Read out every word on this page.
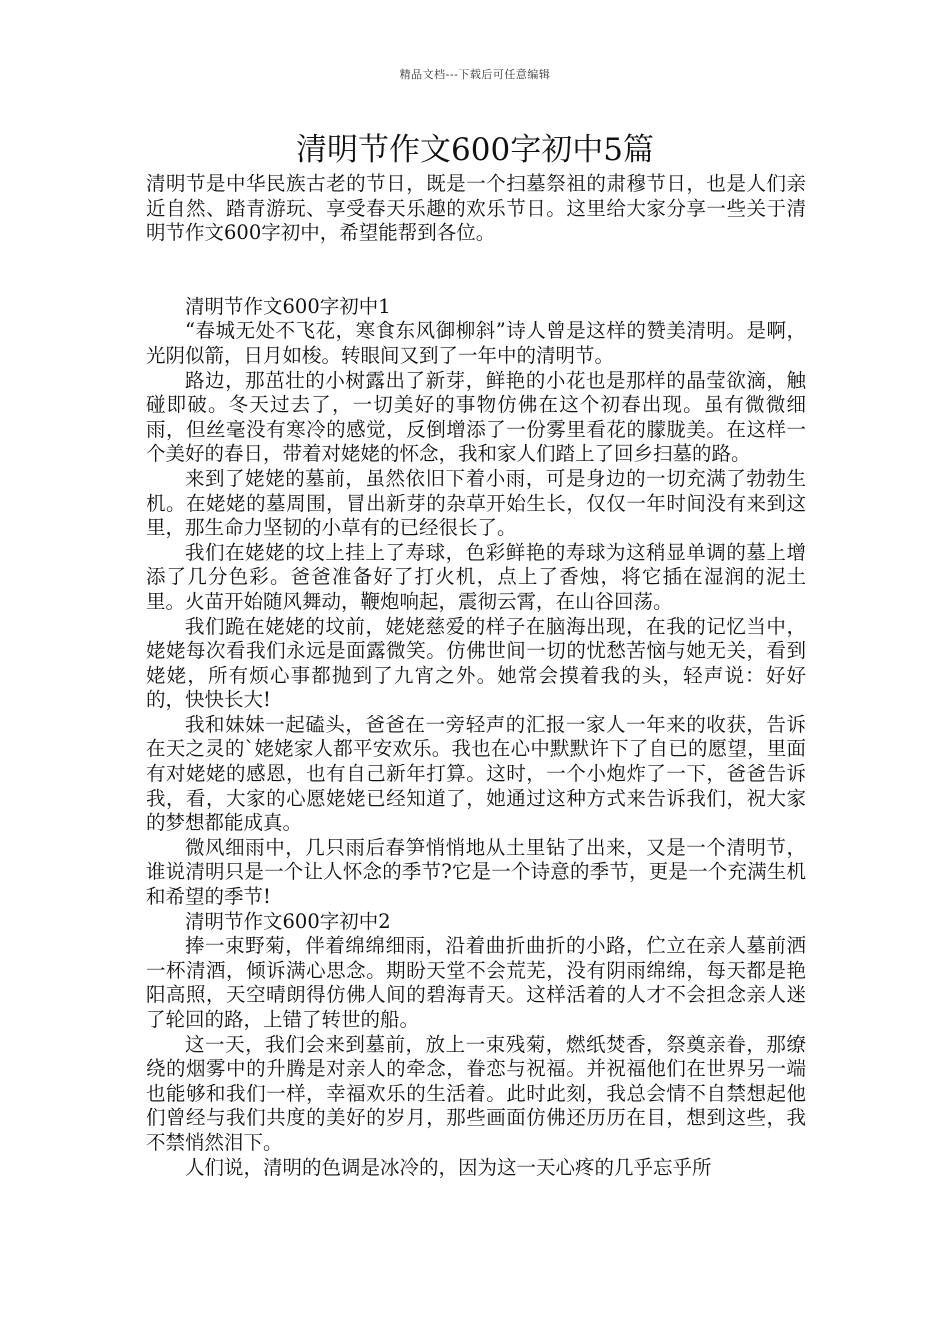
精品文档---下载后可任意编辑
清明节作文600字初中5篇

清明节是中华民族古老的节日，既是一个扫墓祭祖的肃穆节日，也是人们亲近自然、踏青游玩、享受春天乐趣的欢乐节日。这里给大家分享一些关于清明节作文600字初中，希望能帮到各位。

清明节作文600字初中1

“春城无处不飞花，寒食东风御柳斜”诗人曾是这样的赞美清明。是啊，光阴似箭，日月如梭。转眼间又到了一年中的清明节。

路边，那茁壮的小树露出了新芽，鲜艳的小花也是那样的晶莹欲滴，触碰即破。冬天过去了，一切美好的事物仿佛在这个初春出现。虽有微微细雨，但丝毫没有寒冷的感觉，反倒增添了一份雾里看花的朦胧美。在这样一个美好的春日，带着对姥姥的怀念，我和家人们踏上了回乡扫墓的路。

来到了姥姥的墓前，虽然依旧下着小雨，可是身边的一切充满了勃勃生机。在姥姥的墓周围，冒出新芽的杂草开始生长，仅仅一年时间没有来到这里，那生命力坚韧的小草有的已经很长了。

我们在姥姥的坟上挂上了寿球，色彩鲜艳的寿球为这稍显单调的墓上增添了几分色彩。爸爸准备好了打火机，点上了香烛，将它插在湿润的泥土里。火苗开始随风舞动，鞭炮响起，震彻云霄，在山谷回荡。

我们跪在姥姥的坟前，姥姥慈爱的样子在脑海出现，在我的记忆当中，姥姥每次看我们永远是面露微笑。仿佛世间一切的忧愁苦恼与她无关，看到姥姥，所有烦心事都抛到了九宵之外。她常会摸着我的头，轻声说：好好的，快快长大!

我和妹妹一起磕头，爸爸在一旁轻声的汇报一家人一年来的收获，告诉在天之灵的`姥姥家人都平安欢乐。我也在心中默默许下了自已的愿望，里面有对姥姥的感恩，也有自己新年打算。这时，一个小炮炸了一下，爸爸告诉我，看，大家的心愿姥姥已经知道了，她通过这种方式来告诉我们，祝大家的梦想都能成真。

微风细雨中，几只雨后春笋悄悄地从土里钻了出来，又是一个清明节，谁说清明只是一个让人怀念的季节?它是一个诗意的季节，更是一个充满生机和希望的季节!

清明节作文600字初中2

捧一束野菊，伴着绵绵细雨，沿着曲折曲折的小路，伫立在亲人墓前洒一杯清酒，倾诉满心思念。期盼天堂不会荒芜，没有阴雨绵绵，每天都是艳阳高照，天空晴朗得仿佛人间的碧海青天。这样活着的人才不会担念亲人迷了轮回的路，上错了转世的船。

这一天，我们会来到墓前，放上一束残菊，燃纸焚香，祭奠亲眷，那缭绕的烟雾中的升腾是对亲人的牵念，眷恋与祝福。并祝福他们在世界另一端也能够和我们一样，幸福欢乐的生活着。此时此刻，我总会情不自禁想起他们曾经与我们共度的美好的岁月，那些画面仿佛还历历在目，想到这些，我不禁悄然泪下。

人们说，清明的色调是冰冷的，因为这一天心疼的几乎忘乎所
